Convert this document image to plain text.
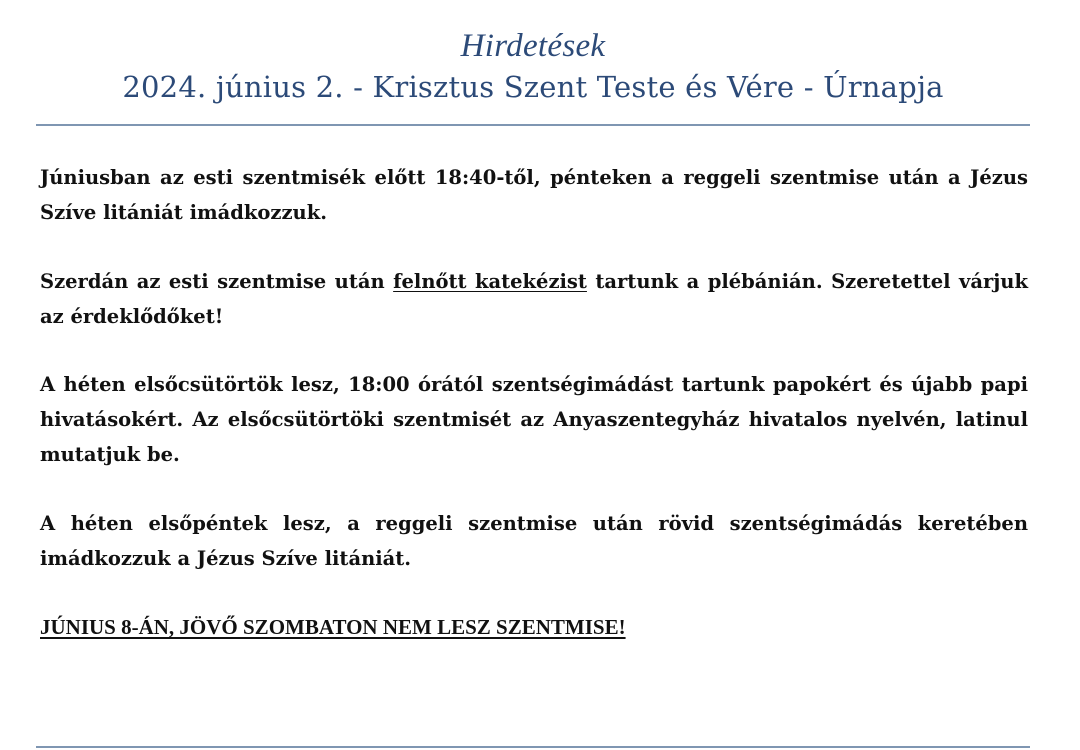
Hirdetések

2024. június 2. - Krisztus Szent Teste és Vére - Úrnapja

Júniusban az esti szentmisék előtt 18:40-től, pénteken a reggeli szentmise után a Jézus Szíve litániát imádkozzuk.

Szerdán az esti szentmise után felnőtt katekézist tartunk a plébánián. Szeretettel várjuk az érdeklődőket!

A héten elsőcsütörtök lesz, 18:00 órától szentségimádást tartunk papokért és újabb papi hivatásokért. Az elsőcsütörtöki szentmisét az Anyaszentegyház hivatalos nyelvén, latinul mutatjuk be.

A héten elsőpéntek lesz, a reggeli szentmise után rövid szentségimádás keretében imádkozzuk a Jézus Szíve litániát.

JÚNIUS 8-ÁN, JÖVŐ SZOMBATON NEM LESZ SZENTMISE!
